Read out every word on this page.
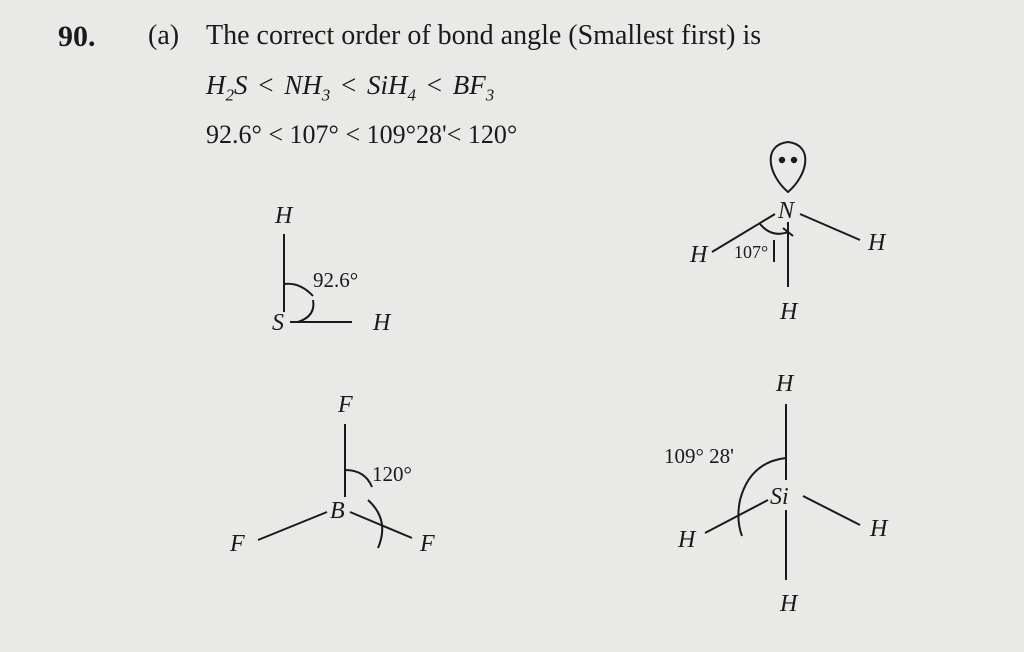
90. (a) The correct order of bond angle (Smallest first) is
$H_2S < NH_3 < SiH_4 < BF_3$
92.6° < 107° < 109°28'< 120°
H
92.6°
S	H
N
H 107°	H
H
F
120°
B
F	F
H
109° 28'
Si
H	H
H
